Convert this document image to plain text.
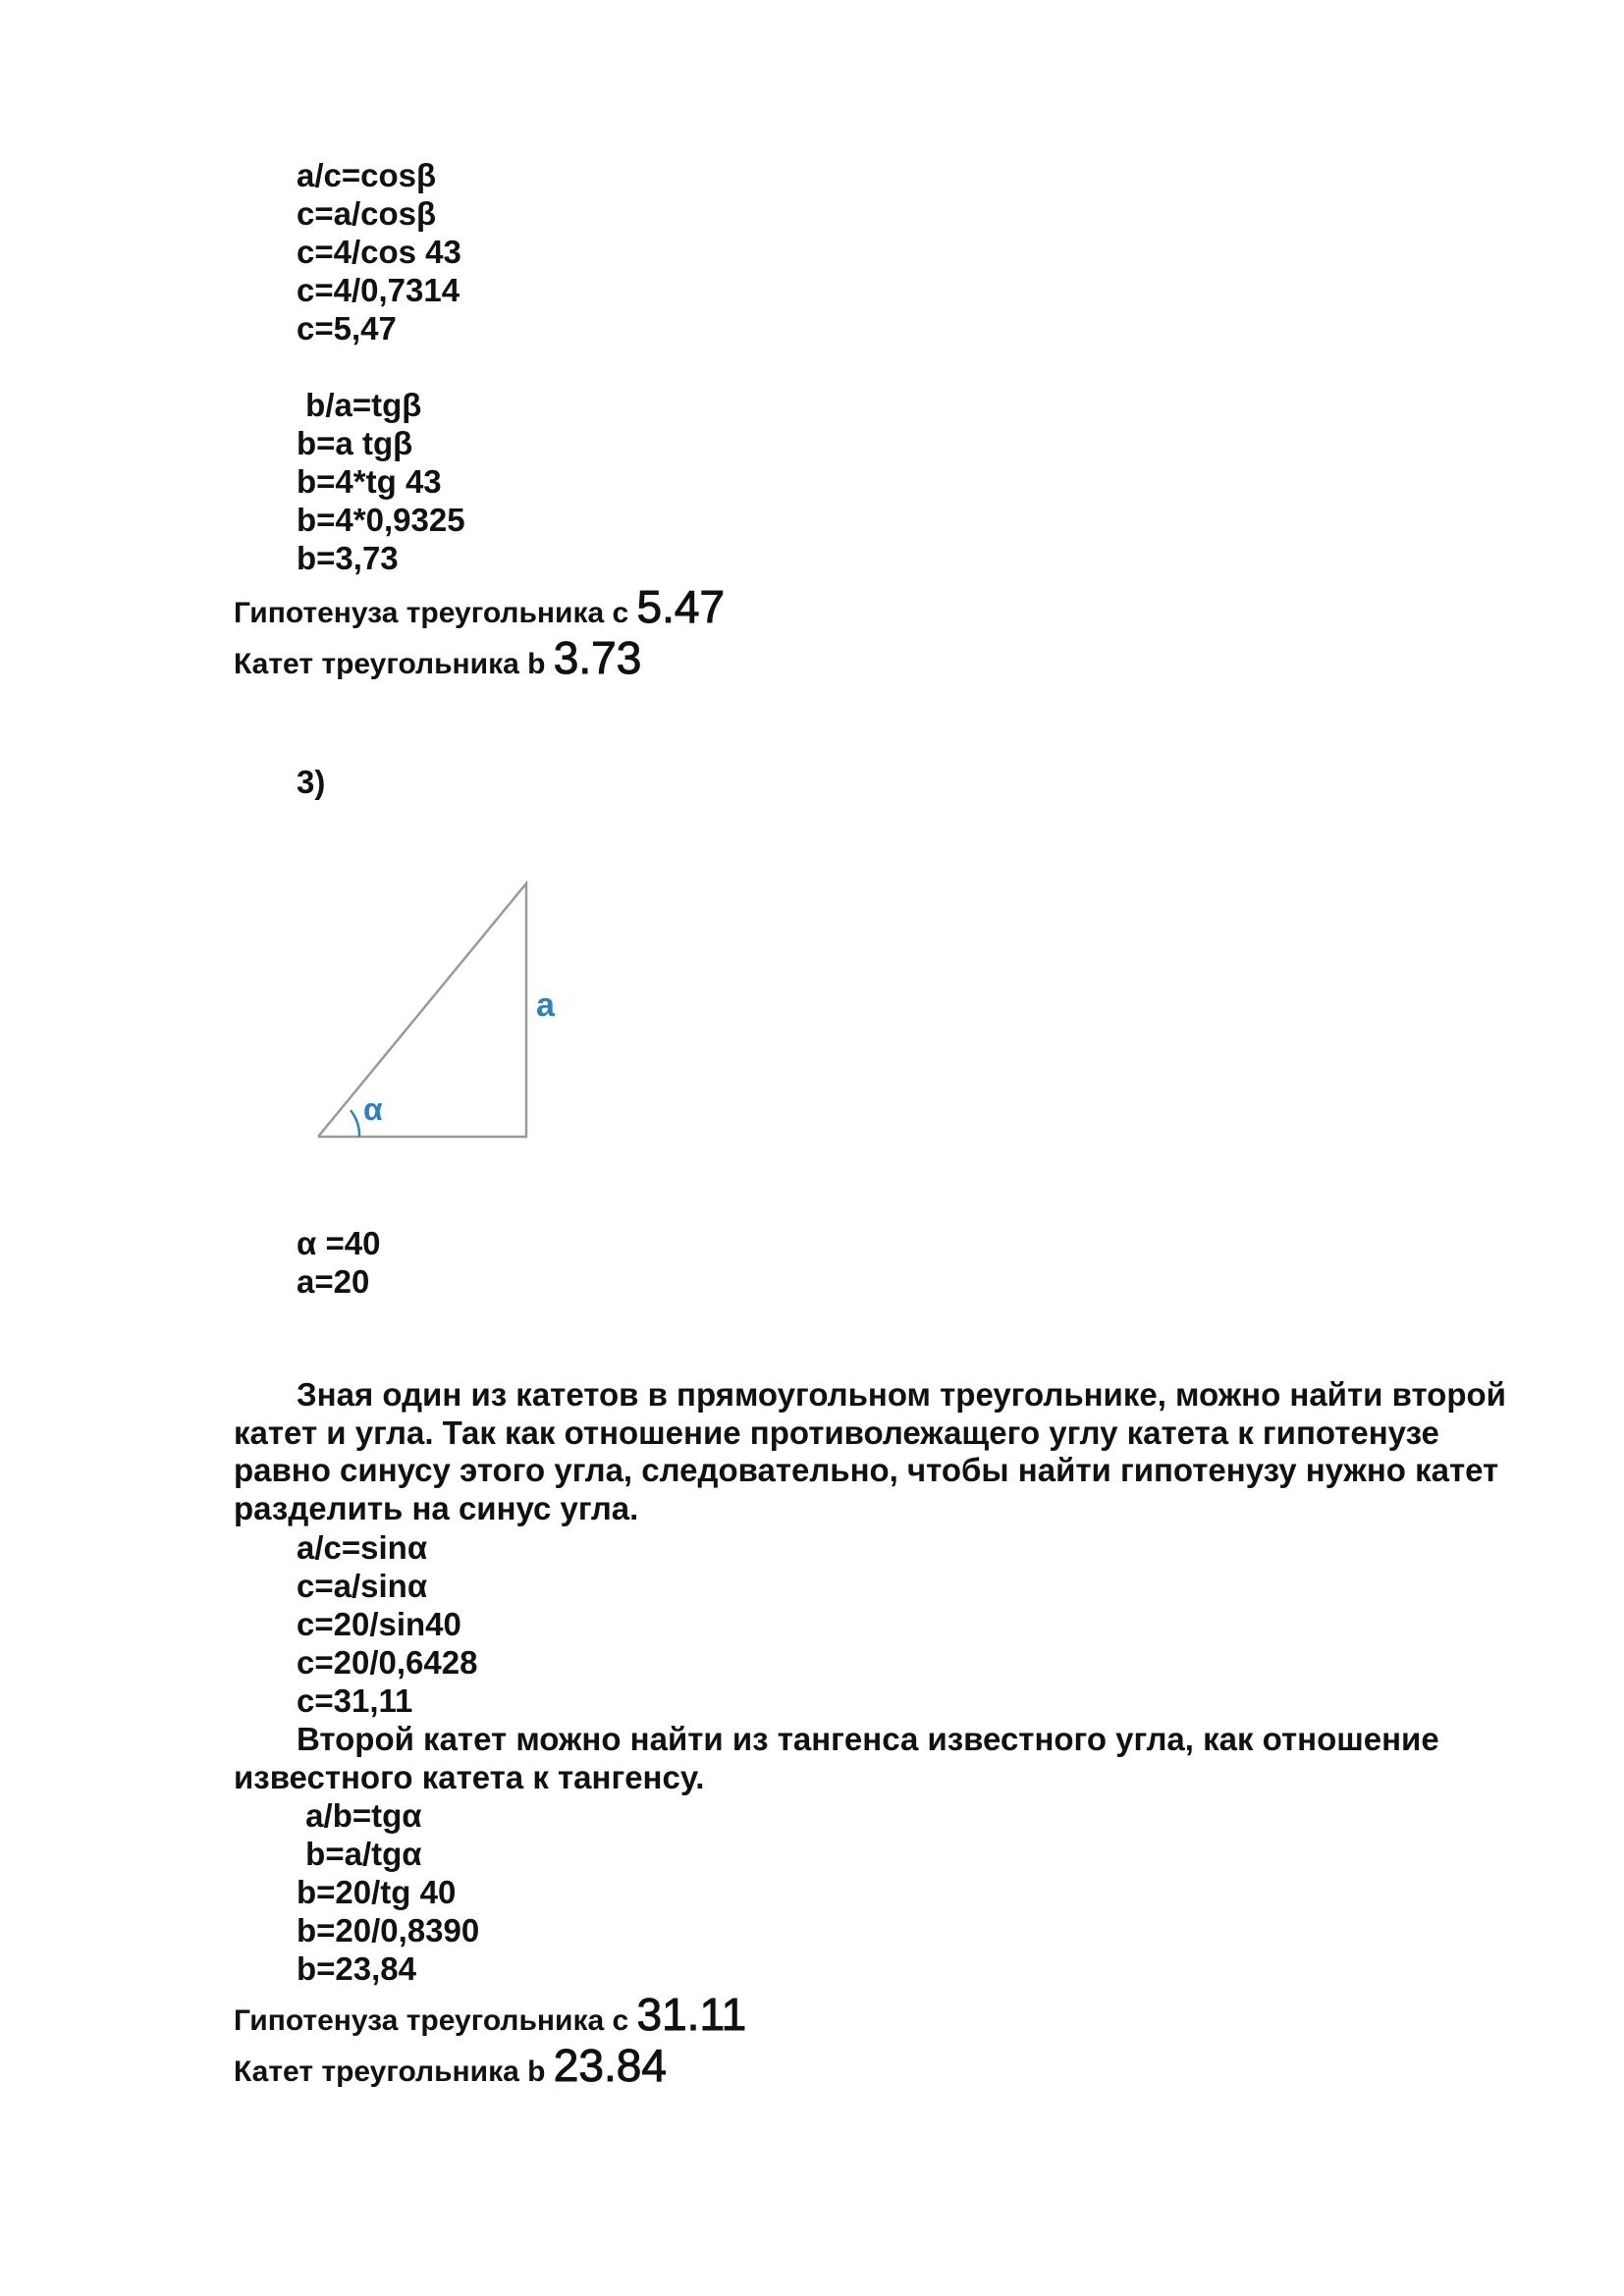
a/c=cos⁡β
c=a/cos⁡β
c=4/cos 43
c=4/0,7314
c=5,47
b/a=tg⁡β
b=a tg⁡β
b=4*tg 43
b=4*0,9325
b=3,73
Гипотенуза треугольника c 5.47
Катет треугольника b 3.73
3)
α
a
α =40
a=20
Зная один из катетов в прямоугольном треугольнике, можно найти второй катет и угла. Так как отношение противолежащего углу катета к гипотенузе равно синусу этого угла, следовательно, чтобы найти гипотенузу нужно катет разделить на синус угла.
a/c=sin⁡α
c=a/sin⁡α
c=20/sin40
c=20/0,6428
c=31,11
Второй катет можно найти из тангенса известного угла, как отношение известного катета к тангенсу.
a/b=tg⁡α
b=a/tg⁡α
b=20/tg 40
b=20/0,8390
b=23,84
Гипотенуза треугольника c 31.11
Катет треугольника b 23.84
